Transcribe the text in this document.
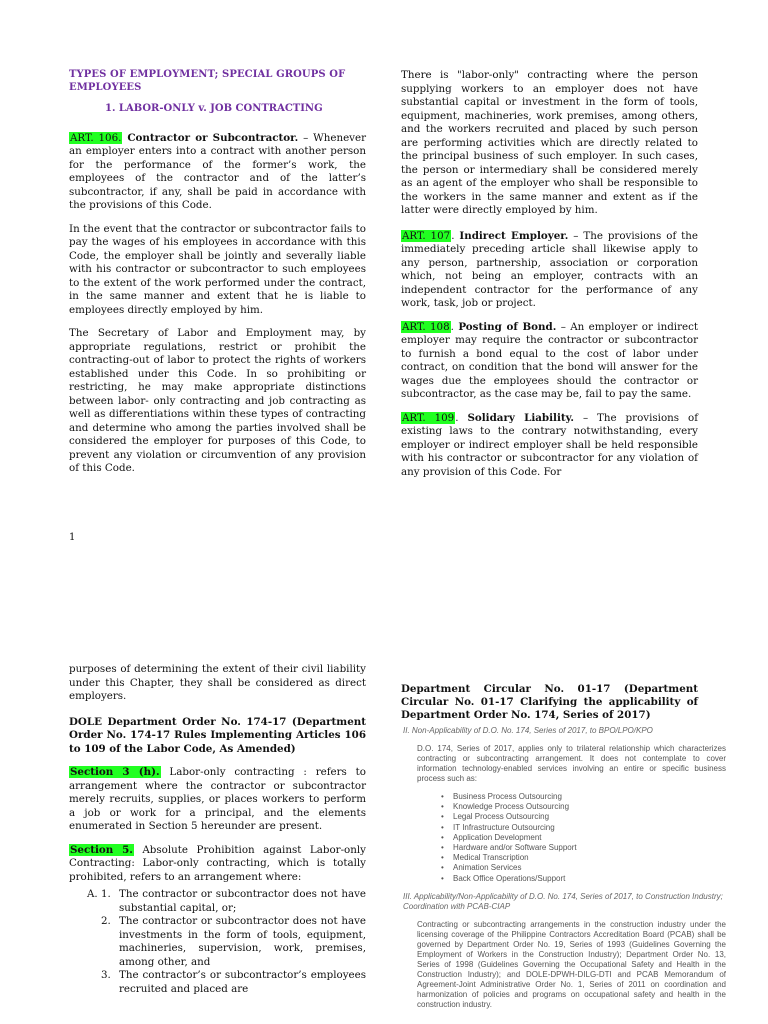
TYPES OF EMPLOYMENT; SPECIAL GROUPS OF EMPLOYEES
1. LABOR-ONLY v. JOB CONTRACTING

ART. 106. Contractor or Subcontractor. – Whenever an employer enters into a contract with another person for the performance of the former’s work, the employees of the contractor and of the latter’s subcontractor, if any, shall be paid in accordance with the provisions of this Code.

In the event that the contractor or subcontractor fails to pay the wages of his employees in accordance with this Code, the employer shall be jointly and severally liable with his contractor or subcontractor to such employees to the extent of the work performed under the contract, in the same manner and extent that he is liable to employees directly employed by him.

The Secretary of Labor and Employment may, by appropriate regulations, restrict or prohibit the contracting-out of labor to protect the rights of workers established under this Code. In so prohibiting or restricting, he may make appropriate distinctions between labor- only contracting and job contracting as well as differentiations within these types of contracting and determine who among the parties involved shall be considered the employer for purposes of this Code, to prevent any violation or circumvention of any provision of this Code.

There is "labor-only" contracting where the person supplying workers to an employer does not have substantial capital or investment in the form of tools, equipment, machineries, work premises, among others, and the workers recruited and placed by such person are performing activities which are directly related to the principal business of such employer. In such cases, the person or intermediary shall be considered merely as an agent of the employer who shall be responsible to the workers in the same manner and extent as if the latter were directly employed by him.

ART. 107. Indirect Employer. – The provisions of the immediately preceding article shall likewise apply to any person, partnership, association or corporation which, not being an employer, contracts with an independent contractor for the performance of any work, task, job or project.

ART. 108. Posting of Bond. – An employer or indirect employer may require the contractor or subcontractor to furnish a bond equal to the cost of labor under contract, on condition that the bond will answer for the wages due the employees should the contractor or subcontractor, as the case may be, fail to pay the same.

ART. 109. Solidary Liability. – The provisions of existing laws to the contrary notwithstanding, every employer or indirect employer shall be held responsible with his contractor or subcontractor for any violation of any provision of this Code. For

1

purposes of determining the extent of their civil liability under this Chapter, they shall be considered as direct employers.

DOLE Department Order No. 174-17 (Department Order No. 174-17 Rules Implementing Articles 106 to 109 of the Labor Code, As Amended)

Section 3 (h). Labor-only contracting : refers to arrangement where the contractor or subcontractor merely recruits, supplies, or places workers to perform a job or work for a principal, and the elements enumerated in Section 5 hereunder are present.

Section 5. Absolute Prohibition against Labor-only Contracting: Labor-only contracting, which is totally prohibited, refers to an arrangement where:

A. 1. The contractor or subcontractor does not have substantial capital, or;
2. The contractor or subcontractor does not have investments in the form of tools, equipment, machineries, supervision, work, premises, among other, and
3. The contractor’s or subcontractor’s employees recruited and placed are

Department Circular No. 01-17 (Department Circular No. 01-17 Clarifying the applicability of Department Order No. 174, Series of 2017)

II. Non-Applicability of D.O. No. 174, Series of 2017, to BPO/LPO/KPO

D.O. 174, Series of 2017, applies only to trilateral relationship which characterizes contracting or subcontracting arrangement. It does not contemplate to cover information technology-enabled services involving an entire or specific business process such as:

• Business Process Outsourcing
• Knowledge Process Outsourcing
• Legal Process Outsourcing
• IT Infrastructure Outsourcing
• Application Development
• Hardware and/or Software Support
• Medical Transcription
• Animation Services
• Back Office Operations/Support
III. Applicability/Non-Applicability of D.O. No. 174, Series of 2017, to Construction Industry; Coordination with PCAB-CIAP

Contracting or subcontracting arrangements in the construction industry under the licensing coverage of the Philippine Contractors Accreditation Board (PCAB) shall be governed by Department Order No. 19, Series of 1993 (Guidelines Governing the Employment of Workers in the Construction Industry); Department Order No. 13, Series of 1998 (Guidelines Governing the Occupational Safety and Health in the Construction Industry); and DOLE-DPWH-DILG-DTI and PCAB Memorandum of Agreement-Joint Administrative Order No. 1, Series of 2011 on coordination and harmonization of policies and programs on occupational safety and health in the construction industry.
